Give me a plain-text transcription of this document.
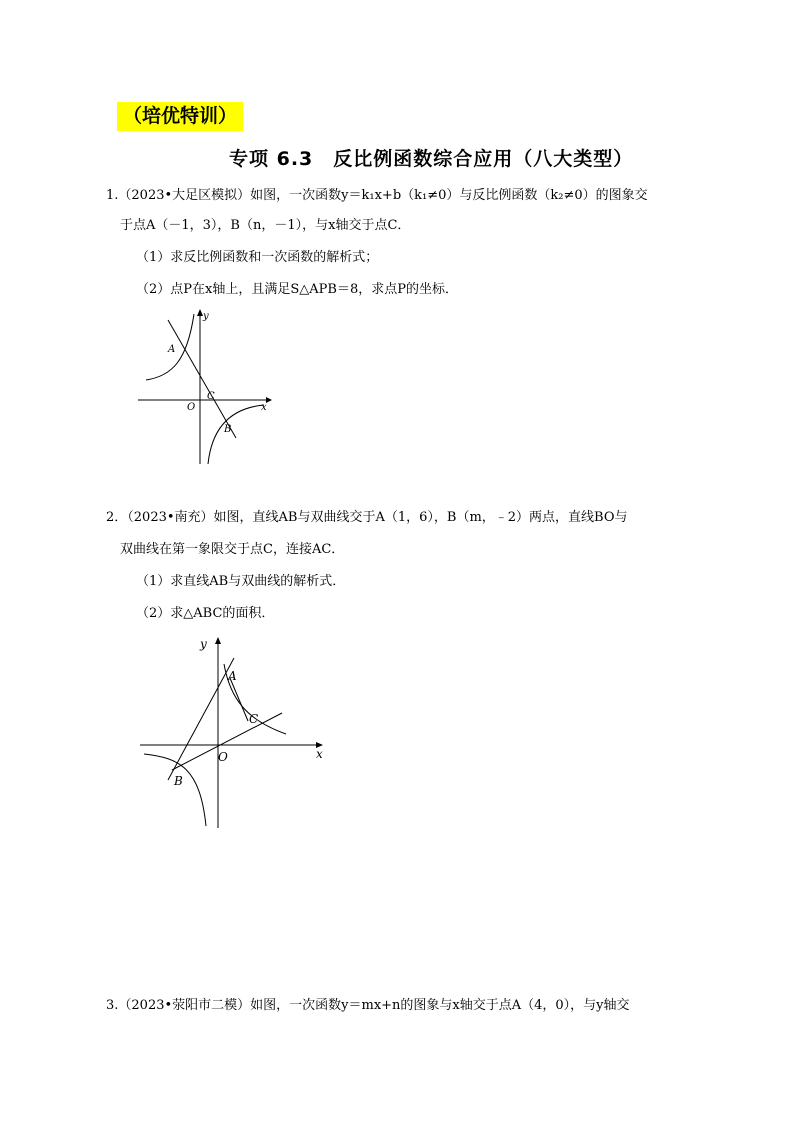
（培优特训）
专项 6.3　反比例函数综合应用（八大类型）
1.（2023•大足区模拟）如图，一次函数y＝k₁x+b（k₁≠0）与反比例函数（k₂≠0）的图象交
于点A（－1，3），B（n，－1），与x轴交于点C．
（1）求反比例函数和一次函数的解析式；
（2）点P在x轴上，且满足S△APB＝8，求点P的坐标．
A
B
C
O	x
y
2．（2023•南充）如图，直线AB与双曲线交于A（1，6），B（m，﹣2）两点，直线BO与
双曲线在第一象限交于点C，连接AC．
（1）求直线AB与双曲线的解析式．
（2）求△ABC的面积．
A
B
C
O	x
y
3.（2023•荥阳市二模）如图，一次函数y＝mx+n的图象与x轴交于点A（4，0），与y轴交
